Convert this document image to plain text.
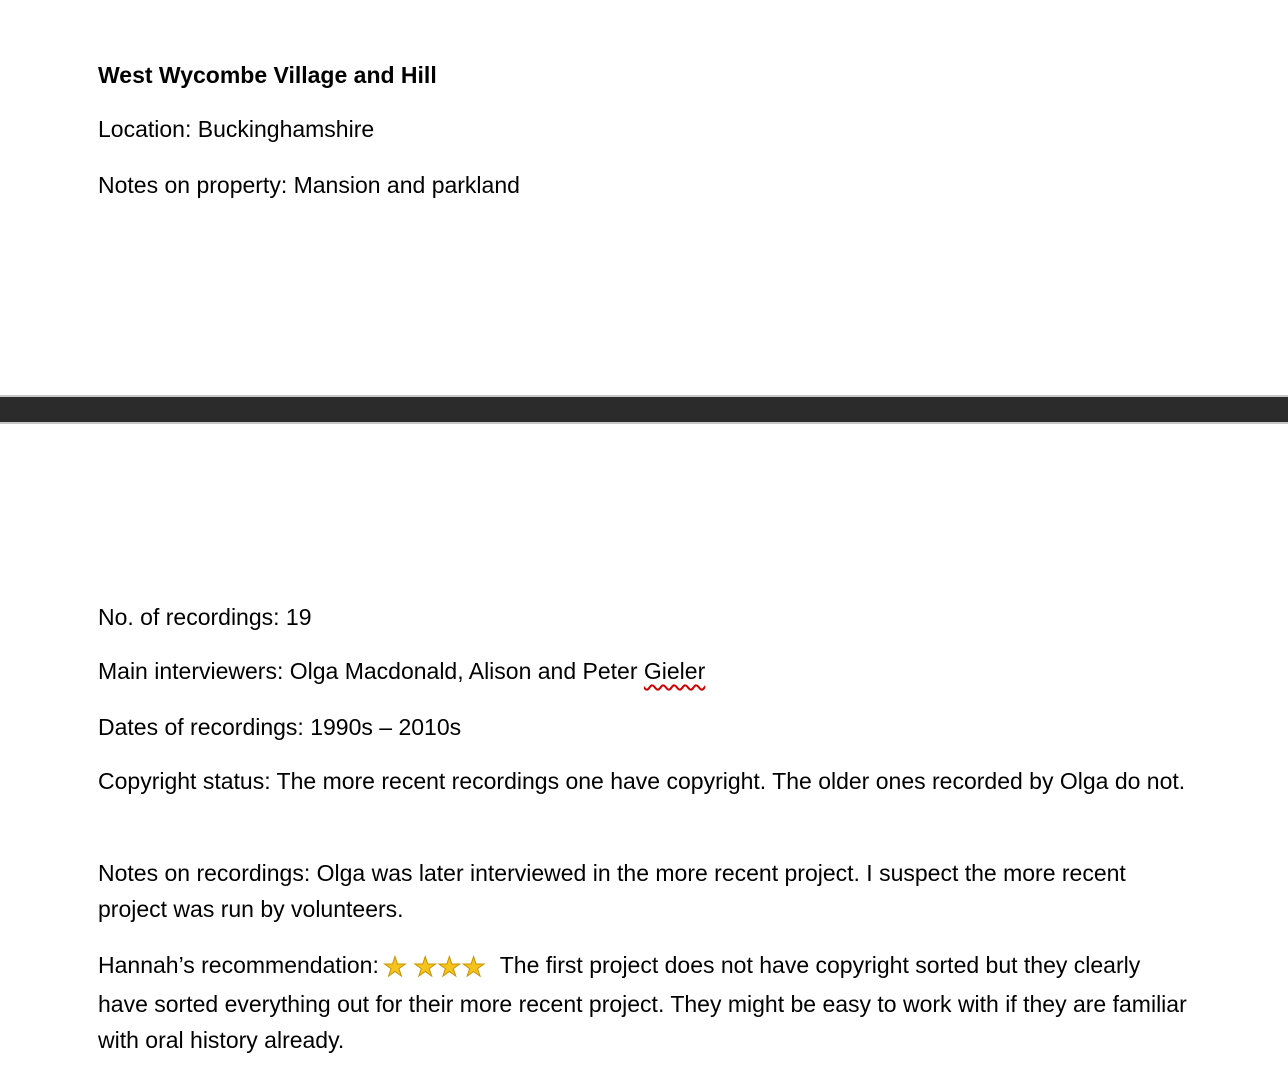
West Wycombe Village and Hill
Location: Buckinghamshire
Notes on property: Mansion and parkland
No. of recordings: 19
Main interviewers: Olga Macdonald, Alison and Peter Gieler
Dates of recordings: 1990s – 2010s
Copyright status: The more recent recordings one have copyright. The older ones recorded by Olga do not.
Notes on recordings: Olga was later interviewed in the more recent project. I suspect the more recent project was run by volunteers.
Hannah’s recommendation: ★ ★★★ The first project does not have copyright sorted but they clearly have sorted everything out for their more recent project. They might be easy to work with if they are familiar with oral history already.
